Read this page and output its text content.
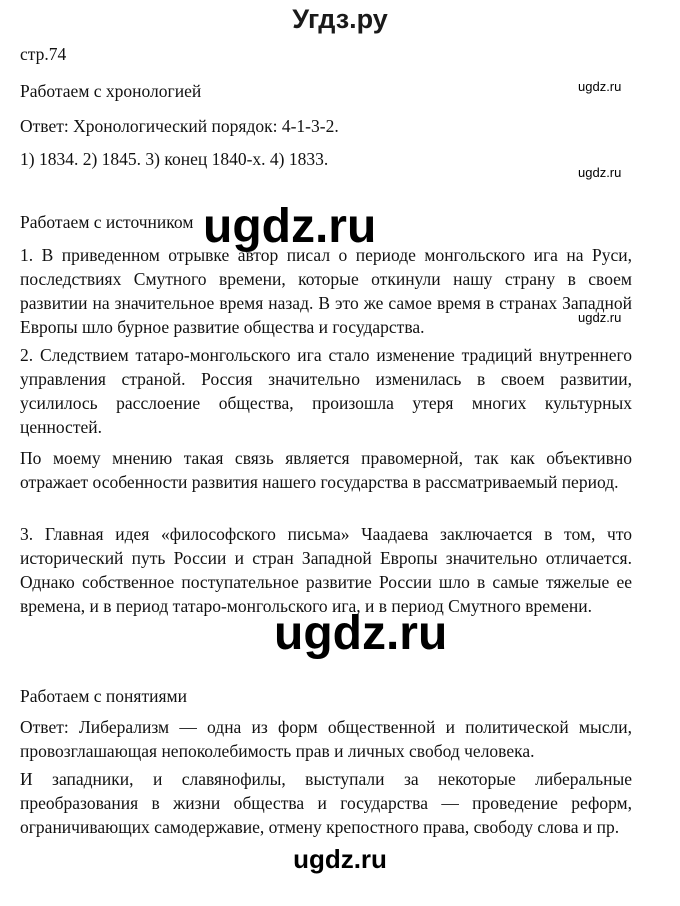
Угдз.ру

стр.74

Работаем с хронологией

Ответ: Хронологический порядок: 4-1-3-2.

1) 1834. 2) 1845. 3) конец 1840-х. 4) 1833.

Работаем с источником

1. В приведенном отрывке автор писал о периоде монгольского ига на Руси, последствиях Смутного времени, которые откинули нашу страну в своем развитии на значительное время назад. В это же самое время в странах Западной Европы шло бурное развитие общества и государства.

2. Следствием татаро-монгольского ига стало изменение традиций внутреннего управления страной. Россия значительно изменилась в своем развитии, усилилось расслоение общества, произошла утеря многих культурных ценностей.

По моему мнению такая связь является правомерной, так как объективно отражает особенности развития нашего государства в рассматриваемый период.

3. Главная идея «философского письма» Чаадаева заключается в том, что исторический путь России и стран Западной Европы значительно отличается. Однако собственное поступательное развитие России шло в самые тяжелые ее времена, и в период татаро-монгольского ига, и в период Смутного времени.

Работаем с понятиями

Ответ: Либерализм — одна из форм общественной и политической мысли, провозглашающая непоколебимость прав и личных свобод человека.

И западники, и славянофилы, выступали за некоторые либеральные преобразования в жизни общества и государства — проведение реформ, ограничивающих самодержавие, отмену крепостного права, свободу слова и пр.

ugdz.ru
ugdz.ru
ugdz.ru
ugdz.ru
ugdz.ru
ugdz.ru
